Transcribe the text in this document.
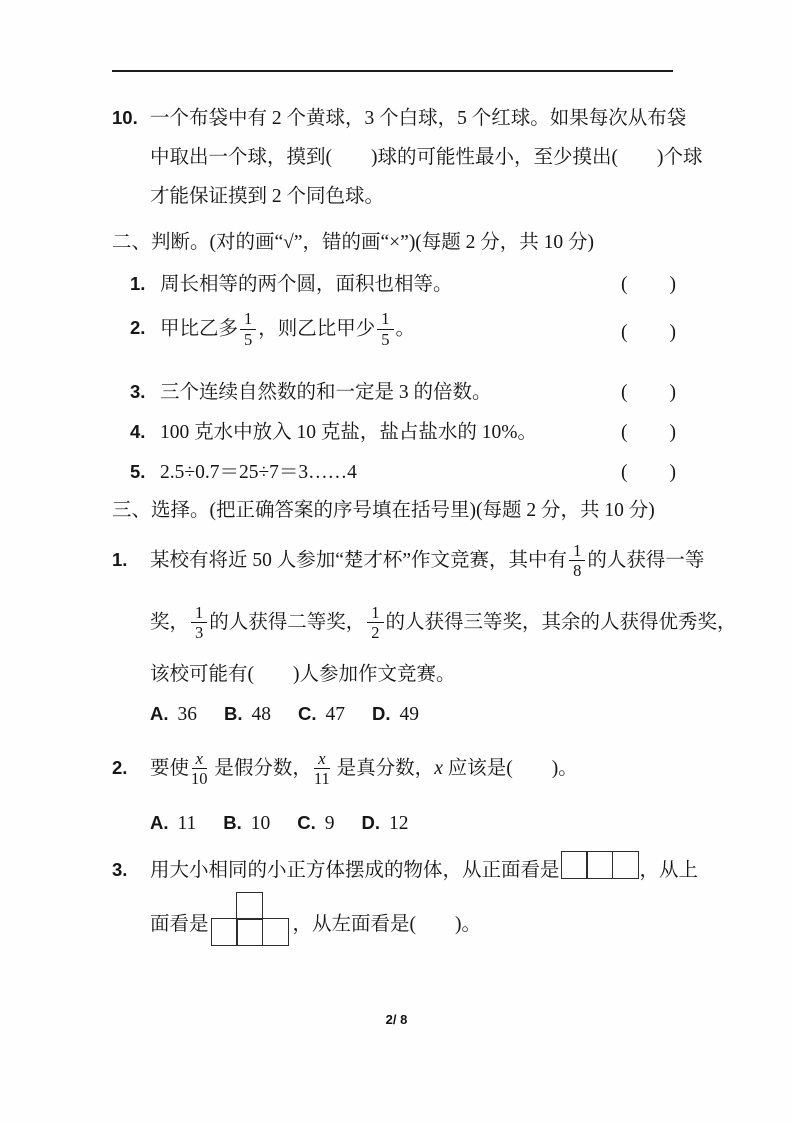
10. 一个布袋中有 2 个黄球，3 个白球，5 个红球。如果每次从布袋
中取出一个球，摸到(　　)球的可能性最小，至少摸出(　　)个球
才能保证摸到 2 个同色球。
二、判断。(对的画“√”，错的画“×”)(每题 2 分，共 10 分)
1. 周长相等的两个圆，面积也相等。	(　　)
2. 甲比乙多 $\frac{1}{5}$ ，则乙比甲少 $\frac{1}{5}$ 。	(　　)
3. 三个连续自然数的和一定是 3 的倍数。	(　　)
4. 100 克水中放入 10 克盐，盐占盐水的 10%。	(　　)
5. 2.5÷0.7＝25÷7＝3……4	(　　)
三、选择。(把正确答案的序号填在括号里)(每题 2 分，共 10 分)
1. 某校有将近 50 人参加“楚才杯”作文竞赛，其中有 $\frac{1}{8}$ 的人获得一等
奖， $\frac{1}{3}$ 的人获得二等奖， $\frac{1}{2}$ 的人获得三等奖，其余的人获得优秀奖，
该校可能有(　　)人参加作文竞赛。
A. 36 B. 48 C. 47 D. 49
2. 要使 $\frac{x}{10}$ 是假分数， $\frac{x}{11}$ 是真分数，x 应该是(　　)。
A. 11 B. 10 C. 9 D. 12
3. 用大小相同的小正方体摆成的物体，从正面看是	，从上
面看是	，从左面看是(　　)。
2/ 8
